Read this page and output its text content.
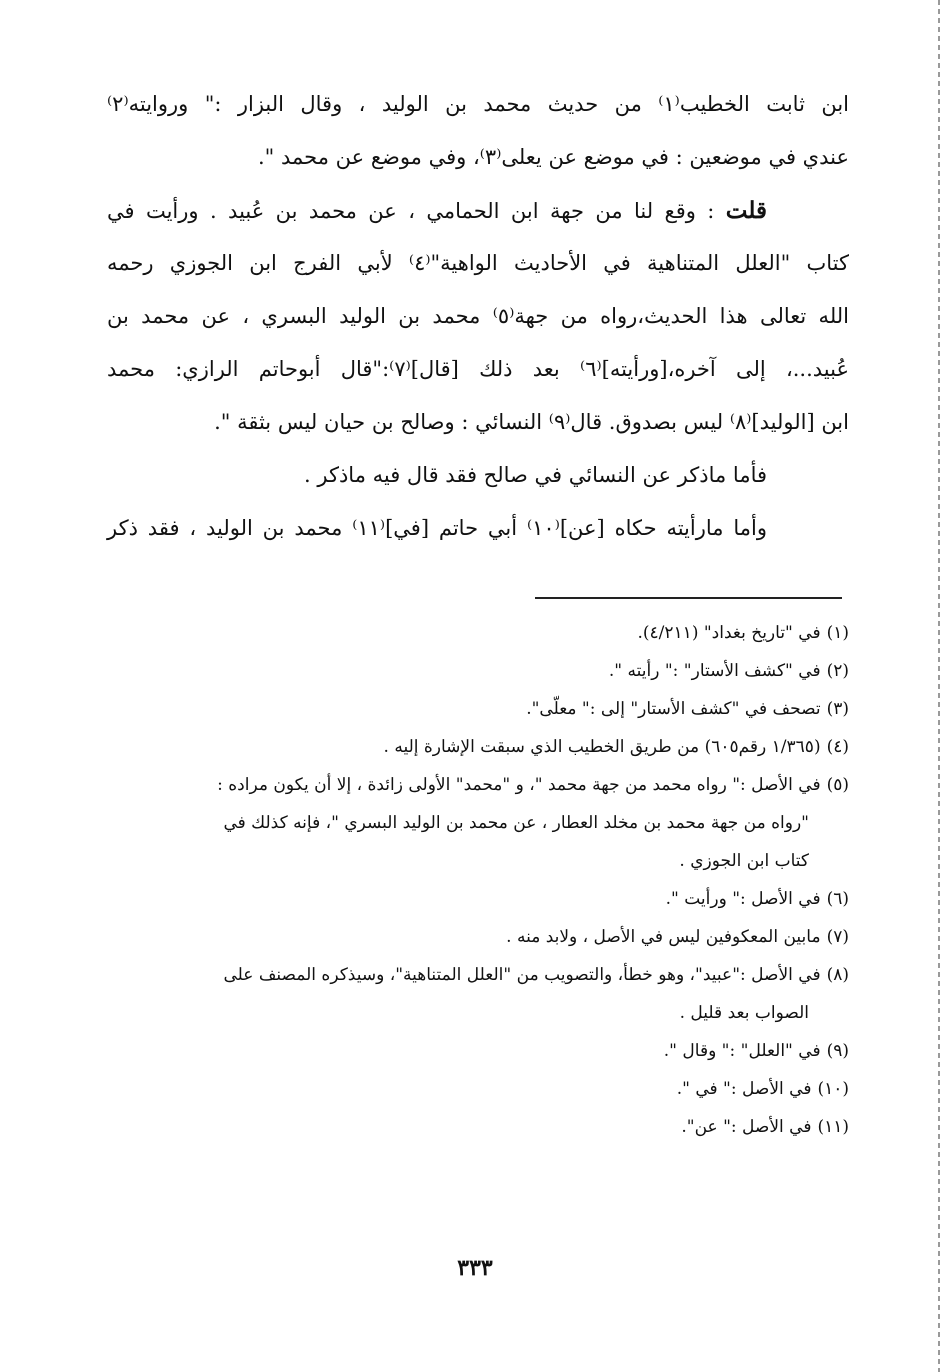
ابن ثابت الخطيب⁽١⁾ من حديث محمد بن الوليد ، وقال البزار :" وروايته⁽٢⁾
عندي في موضعين : في موضع عن يعلى⁽٣⁾، وفي موضع عن محمد ".
قلت : وقع لنا من جهة ابن الحمامي ، عن محمد بن عُبيد . ورأيت في
كتاب "العلل المتناهية في الأحاديث الواهية"⁽٤⁾ لأبي الفرج ابن الجوزي رحمه
الله تعالى هذا الحديث،رواه من جهة⁽٥⁾ محمد بن الوليد البسري ، عن محمد بن
عُبيد...، إلى آخره،[ورأيته]⁽٦⁾ بعد ذلك [قال]⁽٧⁾:"قال أبوحاتم الرازي: محمد
ابن [الوليد]⁽٨⁾ ليس بصدوق. قال⁽٩⁾ النسائي : وصالح بن حيان ليس بثقة ".
فأما ماذكر عن النسائي في صالح فقد قال فيه ماذكر .
وأما مارأيته حكاه [عن]⁽١٠⁾ أبي حاتم [في]⁽١١⁾ محمد بن الوليد ، فقد ذكر
(١)في "تاريخ بغداد" (٤/٢١١).
(٢)في "كشف الأستار" :" رأيته ".
(٣)تصحف في "كشف الأستار" إلى :" معلّى".
(٤)(١/٣٦٥ رقم٦٠٥) من طريق الخطيب الذي سبقت الإشارة إليه .
(٥)في الأصل :" رواه محمد من جهة محمد "، و "محمد" الأولى زائدة ، إلا أن يكون مراده :
"رواه من جهة محمد بن مخلد العطار ، عن محمد بن الوليد البسري "، فإنه كذلك في
كتاب ابن الجوزي .
(٦)في الأصل :" ورأيت ".
(٧)مابين المعكوفين ليس في الأصل ، ولابد منه .
(٨)في الأصل :"عبيد"، وهو خطأ، والتصويب من "العلل المتناهية"، وسيذكره المصنف على
الصواب بعد قليل .
(٩)في "العلل" :" وقال ".
(١٠)في الأصل :" في ".
(١١)في الأصل :" عن".
٣٣٣
